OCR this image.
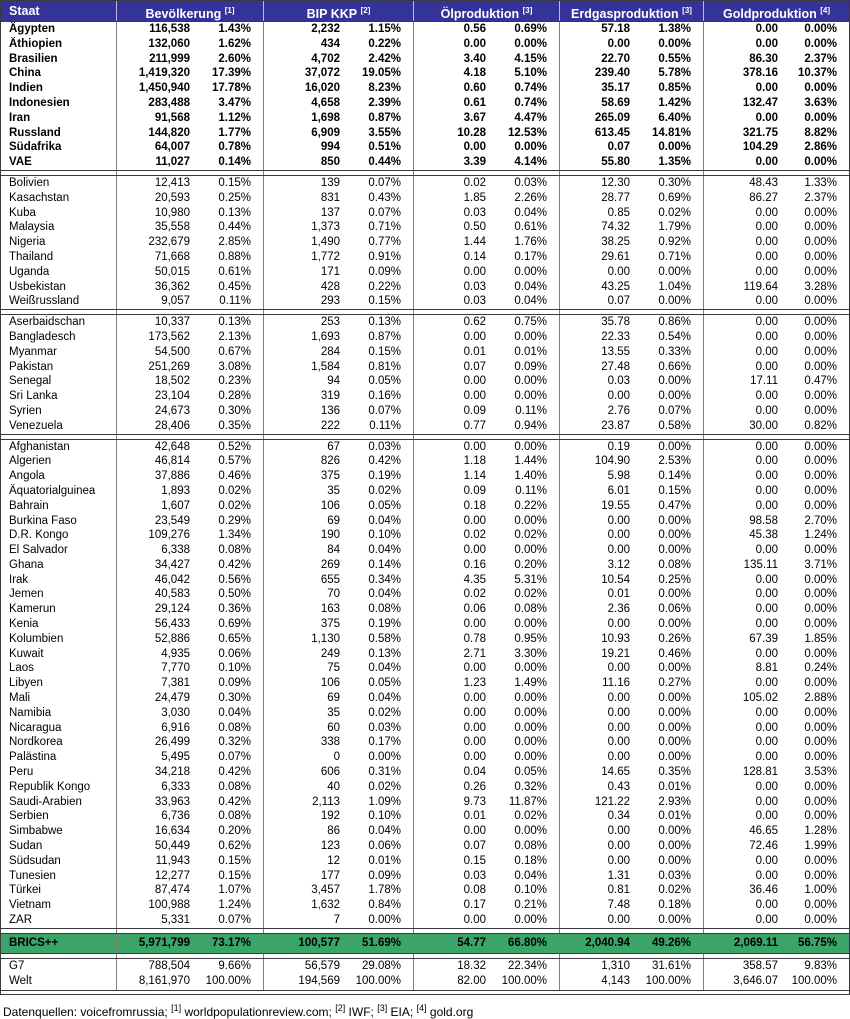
Staat	Bevölkerung [1]	BIP KKP [2]	Ölproduktion [3]	Erdgasproduktion [3]	Goldproduktion [4]
Ägypten	116,538	1.43%	2,232	1.15%	0.56	0.69%	57.18	1.38%	0.00	0.00%
Äthiopien	132,060	1.62%	434	0.22%	0.00	0.00%	0.00	0.00%	0.00	0.00%
Brasilien	211,999	2.60%	4,702	2.42%	3.40	4.15%	22.70	0.55%	86.30	2.37%
China	1,419,320	17.39%	37,072	19.05%	4.18	5.10%	239.40	5.78%	378.16	10.37%
Indien	1,450,940	17.78%	16,020	8.23%	0.60	0.74%	35.17	0.85%	0.00	0.00%
Indonesien	283,488	3.47%	4,658	2.39%	0.61	0.74%	58.69	1.42%	132.47	3.63%
Iran	91,568	1.12%	1,698	0.87%	3.67	4.47%	265.09	6.40%	0.00	0.00%
Russland	144,820	1.77%	6,909	3.55%	10.28	12.53%	613.45	14.81%	321.75	8.82%
Südafrika	64,007	0.78%	994	0.51%	0.00	0.00%	0.07	0.00%	104.29	2.86%
VAE	11,027	0.14%	850	0.44%	3.39	4.14%	55.80	1.35%	0.00	0.00%
Bolivien	12,413	0.15%	139	0.07%	0.02	0.03%	12.30	0.30%	48.43	1.33%
Kasachstan	20,593	0.25%	831	0.43%	1.85	2.26%	28.77	0.69%	86.27	2.37%
Kuba	10,980	0.13%	137	0.07%	0.03	0.04%	0.85	0.02%	0.00	0.00%
Malaysia	35,558	0.44%	1,373	0.71%	0.50	0.61%	74.32	1.79%	0.00	0.00%
Nigeria	232,679	2.85%	1,490	0.77%	1.44	1.76%	38.25	0.92%	0.00	0.00%
Thailand	71,668	0.88%	1,772	0.91%	0.14	0.17%	29.61	0.71%	0.00	0.00%
Uganda	50,015	0.61%	171	0.09%	0.00	0.00%	0.00	0.00%	0.00	0.00%
Usbekistan	36,362	0.45%	428	0.22%	0.03	0.04%	43.25	1.04%	119.64	3.28%
Weißrussland	9,057	0.11%	293	0.15%	0.03	0.04%	0.07	0.00%	0.00	0.00%
Aserbaidschan	10,337	0.13%	253	0.13%	0.62	0.75%	35.78	0.86%	0.00	0.00%
Bangladesch	173,562	2.13%	1,693	0.87%	0.00	0.00%	22.33	0.54%	0.00	0.00%
Myanmar	54,500	0.67%	284	0.15%	0.01	0.01%	13.55	0.33%	0.00	0.00%
Pakistan	251,269	3.08%	1,584	0.81%	0.07	0.09%	27.48	0.66%	0.00	0.00%
Senegal	18,502	0.23%	94	0.05%	0.00	0.00%	0.03	0.00%	17.11	0.47%
Sri Lanka	23,104	0.28%	319	0.16%	0.00	0.00%	0.00	0.00%	0.00	0.00%
Syrien	24,673	0.30%	136	0.07%	0.09	0.11%	2.76	0.07%	0.00	0.00%
Venezuela	28,406	0.35%	222	0.11%	0.77	0.94%	23.87	0.58%	30.00	0.82%
Afghanistan	42,648	0.52%	67	0.03%	0.00	0.00%	0.19	0.00%	0.00	0.00%
Algerien	46,814	0.57%	826	0.42%	1.18	1.44%	104.90	2.53%	0.00	0.00%
Angola	37,886	0.46%	375	0.19%	1.14	1.40%	5.98	0.14%	0.00	0.00%
Äquatorialguinea	1,893	0.02%	35	0.02%	0.09	0.11%	6.01	0.15%	0.00	0.00%
Bahrain	1,607	0.02%	106	0.05%	0.18	0.22%	19.55	0.47%	0.00	0.00%
Burkina Faso	23,549	0.29%	69	0.04%	0.00	0.00%	0.00	0.00%	98.58	2.70%
D.R. Kongo	109,276	1.34%	190	0.10%	0.02	0.02%	0.00	0.00%	45.38	1.24%
El Salvador	6,338	0.08%	84	0.04%	0.00	0.00%	0.00	0.00%	0.00	0.00%
Ghana	34,427	0.42%	269	0.14%	0.16	0.20%	3.12	0.08%	135.11	3.71%
Irak	46,042	0.56%	655	0.34%	4.35	5.31%	10.54	0.25%	0.00	0.00%
Jemen	40,583	0.50%	70	0.04%	0.02	0.02%	0.01	0.00%	0.00	0.00%
Kamerun	29,124	0.36%	163	0.08%	0.06	0.08%	2.36	0.06%	0.00	0.00%
Kenia	56,433	0.69%	375	0.19%	0.00	0.00%	0.00	0.00%	0.00	0.00%
Kolumbien	52,886	0.65%	1,130	0.58%	0.78	0.95%	10.93	0.26%	67.39	1.85%
Kuwait	4,935	0.06%	249	0.13%	2.71	3.30%	19.21	0.46%	0.00	0.00%
Laos	7,770	0.10%	75	0.04%	0.00	0.00%	0.00	0.00%	8.81	0.24%
Libyen	7,381	0.09%	106	0.05%	1.23	1.49%	11.16	0.27%	0.00	0.00%
Mali	24,479	0.30%	69	0.04%	0.00	0.00%	0.00	0.00%	105.02	2.88%
Namibia	3,030	0.04%	35	0.02%	0.00	0.00%	0.00	0.00%	0.00	0.00%
Nicaragua	6,916	0.08%	60	0.03%	0.00	0.00%	0.00	0.00%	0.00	0.00%
Nordkorea	26,499	0.32%	338	0.17%	0.00	0.00%	0.00	0.00%	0.00	0.00%
Palästina	5,495	0.07%	0	0.00%	0.00	0.00%	0.00	0.00%	0.00	0.00%
Peru	34,218	0.42%	606	0.31%	0.04	0.05%	14.65	0.35%	128.81	3.53%
Republik Kongo	6,333	0.08%	40	0.02%	0.26	0.32%	0.43	0.01%	0.00	0.00%
Saudi-Arabien	33,963	0.42%	2,113	1.09%	9.73	11.87%	121.22	2.93%	0.00	0.00%
Serbien	6,736	0.08%	192	0.10%	0.01	0.02%	0.34	0.01%	0.00	0.00%
Simbabwe	16,634	0.20%	86	0.04%	0.00	0.00%	0.00	0.00%	46.65	1.28%
Sudan	50,449	0.62%	123	0.06%	0.07	0.08%	0.00	0.00%	72.46	1.99%
Südsudan	11,943	0.15%	12	0.01%	0.15	0.18%	0.00	0.00%	0.00	0.00%
Tunesien	12,277	0.15%	177	0.09%	0.03	0.04%	1.31	0.03%	0.00	0.00%
Türkei	87,474	1.07%	3,457	1.78%	0.08	0.10%	0.81	0.02%	36.46	1.00%
Vietnam	100,988	1.24%	1,632	0.84%	0.17	0.21%	7.48	0.18%	0.00	0.00%
ZAR	5,331	0.07%	7	0.00%	0.00	0.00%	0.00	0.00%	0.00	0.00%
BRICS++	5,971,799	73.17%	100,577	51.69%	54.77	66.80%	2,040.94	49.26%	2,069.11	56.75%
G7	788,504	9.66%	56,579	29.08%	18.32	22.34%	1,310	31.61%	358.57	9.83%
Welt	8,161,970	100.00%	194,569	100.00%	82.00	100.00%	4,143	100.00%	3,646.07	100.00%
Datenquellen: voicefromrussia; [1] worldpopulationreview.com; [2] IWF; [3] EIA; [4] gold.org
